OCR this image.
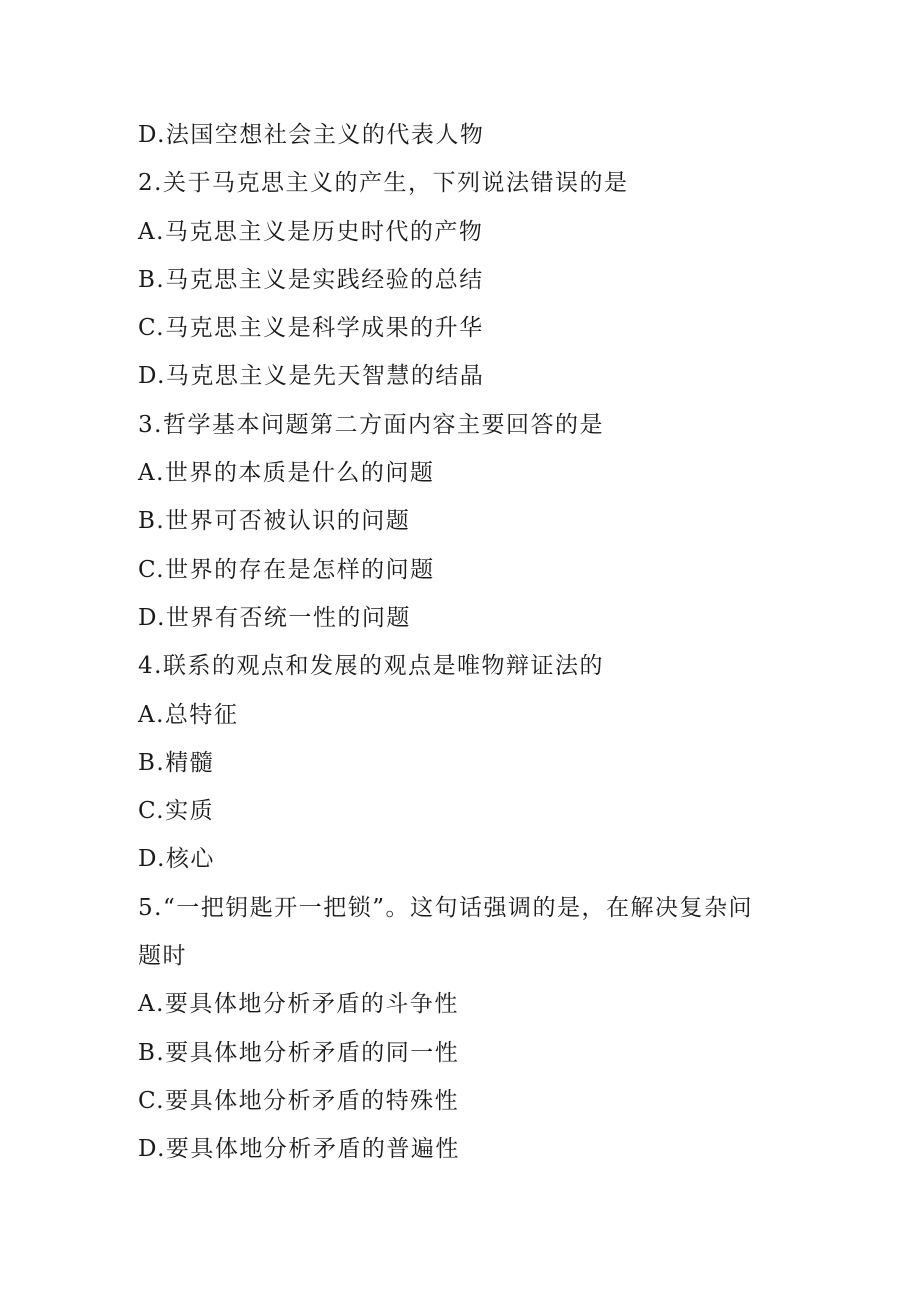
D.法国空想社会主义的代表人物
2.关于马克思主义的产生，下列说法错误的是
A.马克思主义是历史时代的产物
B.马克思主义是实践经验的总结
C.马克思主义是科学成果的升华
D.马克思主义是先天智慧的结晶
3.哲学基本问题第二方面内容主要回答的是
A.世界的本质是什么的问题
B.世界可否被认识的问题
C.世界的存在是怎样的问题
D.世界有否统一性的问题
4.联系的观点和发展的观点是唯物辩证法的
A.总特征
B.精髓
C.实质
D.核心
5.“一把钥匙开一把锁”。这句话强调的是，在解决复杂问
题时
A.要具体地分析矛盾的斗争性
B.要具体地分析矛盾的同一性
C.要具体地分析矛盾的特殊性
D.要具体地分析矛盾的普遍性
